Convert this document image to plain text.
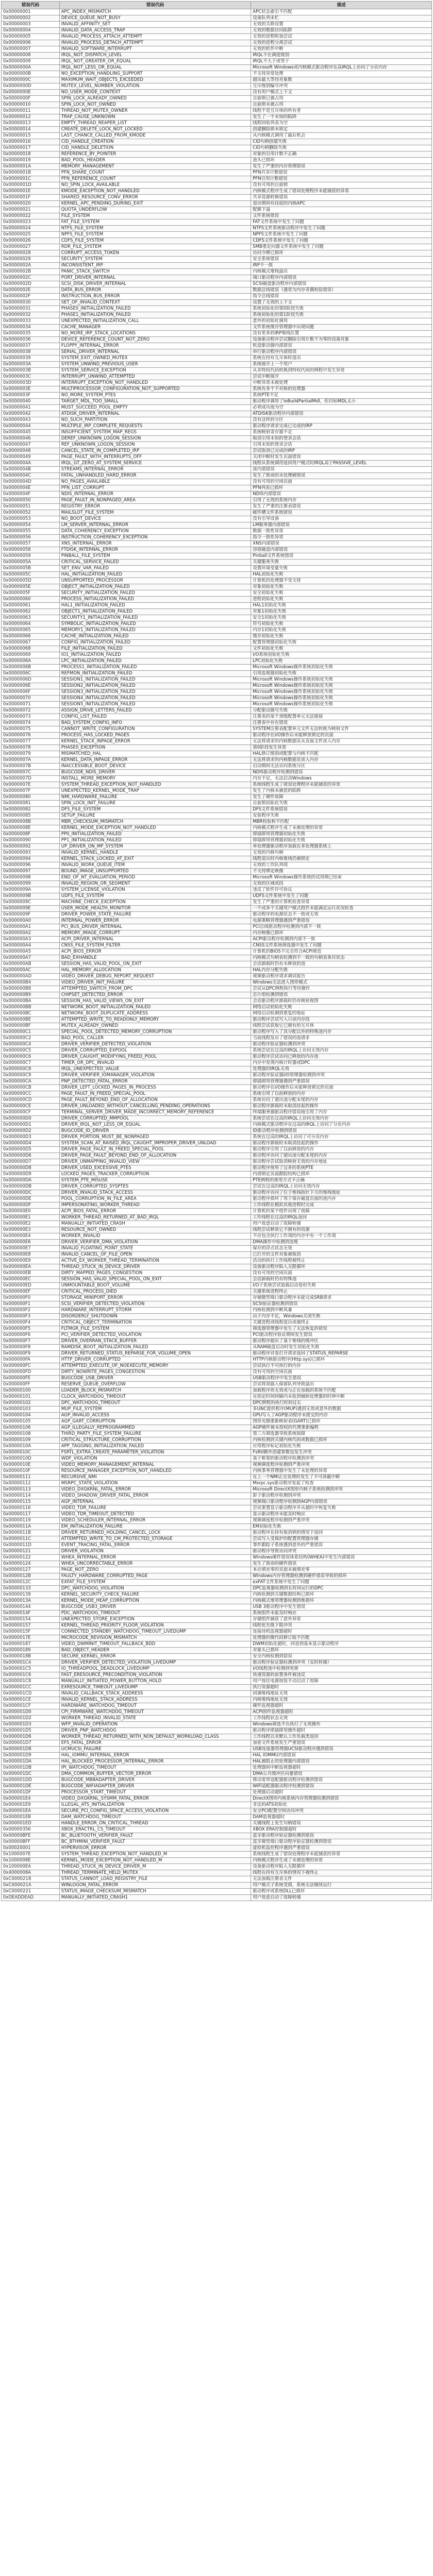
错误代码	错误代码	描述
0x00000001	APC_INDEX_MISMATCH	APC状态索引不匹配
0x00000002	DEVICE_QUEUE_NOT_BUSY	设备队列未忙
0x00000003	INVALID_AFFINITY_SET	无效的关联设置
0x00000004	INVALID_DATA_ACCESS_TRAP	无效的数据访问陷阱
0x00000005	INVALID_PROCESS_ATTACH_ATTEMPT	无效的进程附加尝试
0x00000006	INVALID_PROCESS_DETACH_ATTEMPT	无效的进程分离尝试
0x00000007	INVALID_SOFTWARE_INTERRUPT	无效的软件中断
0x00000008	IRQL_NOT_DISPATCH_LEVEL	IRQL不在调度级别
0x00000009	IRQL_NOT_GREATER_OR_EQUAL	IRQL不大于或等于
0x0000000A	IRQL_NOT_LESS_OR_EQUAL	Microsoft Windows或内核模式驱动程序在高IRQL上访问了分页内存
0x0000000B	NO_EXCEPTION_HANDLING_SUPPORT	不支持异常处理
0x0000000C	MAXIMUM_WAIT_OBJECTS_EXCEEDED	超出最大等待对象数
0x0000000D	MUTEX_LEVEL_NUMBER_VIOLATION	互斥级别编号冲突
0x0000000E	NO_USER_MODE_CONTEXT	没有用户模式上下文
0x0000000F	SPIN_LOCK_ALREADY_OWNED	自旋锁已被占用
0x00000010	SPIN_LOCK_NOT_OWNED	自旋锁未被占用
0x00000011	THREAD_NOT_MUTEX_OWNER	线程不是互斥体的所有者
0x00000012	TRAP_CAUSE_UNKNOWN	发生了一个未知的陷阱
0x00000013	EMPTY_THREAD_REAPER_LIST	线程回收列表为空
0x00000014	CREATE_DELETE_LOCK_NOT_LOCKED	创建删除锁未锁定
0x00000015	LAST_CHANCE_CALLED_FROM_KMODE	从内核模式调用了最后机会
0x00000016	CID_HANDLE_CREATION	CID句柄创建失败
0x00000017	CID_HANDLE_DELETION	CID句柄删除失败
0x00000018	REFERENCE_BY_POINTER	对象的引用计数不正确
0x00000019	BAD_POOL_HEADER	池头已损坏
0x0000001A	MEMORY_MANAGEMENT	发生了严重的内存管理错误
0x0000001B	PFN_SHARE_COUNT	PFN共享计数错误
0x0000001C	PFN_REFERENCE_COUNT	PFN引用计数错误
0x0000001D	NO_SPIN_LOCK_AVAILABLE	没有可用的自旋锁
0x0000001E	KMODE_EXCEPTION_NOT_HANDLED	内核模式程序生成了错误处理程序未能捕获的异常
0x0000001F	SHARED_RESOURCE_CONV_ERROR	共享资源转换错误
0x00000020	KERNEL_APC_PENDING_DURING_EXIT	退出期间有挂起的内核APC
0x00000021	QUOTA_UNDERFLOW	配额下溢
0x00000022	FILE_SYSTEM	文件系统错误
0x00000023	FAT_FILE_SYSTEM	FAT文件系统中发生了问题
0x00000024	NTFS_FILE_SYSTEM	NTFS文件系统驱动程序中发生了问题
0x00000025	NPFS_FILE_SYSTEM	NPFS文件系统中发生了问题
0x00000026	CDFS_FILE_SYSTEM	CDFS文件系统中发生了问题
0x00000027	RDR_FILE_SYSTEM	SMB重定向器文件系统中发生了问题
0x00000028	CORRUPT_ACCESS_TOKEN	访问令牌已损坏
0x00000029	SECURITY_SYSTEM	安全系统错误
0x0000002A	INCONSISTENT_IRP	IRP不一致
0x0000002B	PANIC_STACK_SWITCH	内核模式堆栈溢出
0x0000002C	PORT_DRIVER_INTERNAL	端口驱动程序内部错误
0x0000002D	SCSI_DISK_DRIVER_INTERNAL	SCSI磁盘驱动程序内部错误
0x0000002E	DATA_BUS_ERROR	数据总线错误（通常为内存奇偶校验错误）
0x0000002F	INSTRUCTION_BUS_ERROR	指令总线错误
0x00000030	SET_OF_INVALID_CONTEXT	设置了无效的上下文
0x00000031	PHASE0_INITIALIZATION_FAILED	系统初始化的第0阶段失败
0x00000032	PHASE1_INITIALIZATION_FAILED	系统初始化的第1阶段失败
0x00000033	UNEXPECTED_INITIALIZATION_CALL	意外的初始化调用
0x00000034	CACHE_MANAGER	文件系统缓存管理器中出现问题
0x00000035	NO_MORE_IRP_STACK_LOCATIONS	没有更多的IRP堆栈位置
0x00000036	DEVICE_REFERENCE_COUNT_NOT_ZERO	设备驱动程序尝试删除引用计数不为零的设备对象
0x00000037	FLOPPY_INTERNAL_ERROR	软盘驱动器内部错误
0x00000038	SERIAL_DRIVER_INTERNAL	串行驱动程序内部错误
0x00000039	SYSTEM_EXIT_OWNED_MUTEX	系统在持有互斥体时退出
0x0000003A	SYSTEM_UNWIND_PREVIOUS_USER	系统展开上一个用户
0x0000003B	SYSTEM_SERVICE_EXCEPTION	从非特权代码转换到特权代码的例程中发生异常
0x0000003C	INTERRUPT_UNWIND_ATTEMPTED	尝试中断展开
0x0000003D	INTERRUPT_EXCEPTION_NOT_HANDLED	中断异常未被处理
0x0000003E	MULTIPROCESSOR_CONFIGURATION_NOT_SUPPORTED	系统有多个不对称的处理器
0x0000003F	NO_MORE_SYSTEM_PTES	系统PTE不足
0x00000040	TARGET_MDL_TOO_SMALL	驱动程序调用了IoBuildPartialMdl，但目标MDL太小
0x00000041	MUST_SUCCEED_POOL_EMPTY	必须成功池为空
0x00000042	ATDISK_DRIVER_INTERNAL	ATDISK驱动程序内部错误
0x00000043	NO_SUCH_PARTITION	没有这样的分区
0x00000044	MULTIPLE_IRP_COMPLETE_REQUESTS	驱动程序请求完成已完成的IRP
0x00000045	INSUFFICIENT_SYSTEM_MAP_REGS	系统映射寄存器不足
0x00000046	DEREF_UNKNOWN_LOGON_SESSION	取消引用未知的登录会话
0x00000047	REF_UNKNOWN_LOGON_SESSION	引用未知的登录会话
0x00000048	CANCEL_STATE_IN_COMPLETED_IRP	尝试取消已完成的IRP
0x00000049	PAGE_FAULT_WITH_INTERRUPTS_OFF	关闭中断时发生页面错误
0x0000004A	IRQL_GT_ZERO_AT_SYSTEM_SERVICE	线程从系统调用返回用户模式时IRQL高于PASSIVE_LEVEL
0x0000004B	STREAMS_INTERNAL_ERROR	流内部错误
0x0000004C	FATAL_UNHANDLED_HARD_ERROR	发生了致命的未处理硬错误
0x0000004D	NO_PAGES_AVAILABLE	没有可用的空闲页面
0x0000004E	PFN_LIST_CORRUPT	PFN列表已损坏
0x0000004F	NDIS_INTERNAL_ERROR	NDIS内部错误
0x00000050	PAGE_FAULT_IN_NONPAGED_AREA	引用了无效的系统内存
0x00000051	REGISTRY_ERROR	发生了严重的注册表错误
0x00000052	MAILSLOT_FILE_SYSTEM	邮件槽文件系统错误
0x00000053	NO_BOOT_DEVICE	没有引导设备
0x00000054	LM_SERVER_INTERNAL_ERROR	LM服务器内部错误
0x00000055	DATA_COHERENCY_EXCEPTION	数据一致性异常
0x00000056	INSTRUCTION_COHERENCY_EXCEPTION	指令一致性异常
0x00000057	XNS_INTERNAL_ERROR	XNS内部错误
0x00000058	FTDISK_INTERNAL_ERROR	容错磁盘内部错误
0x00000059	PINBALL_FILE_SYSTEM	Pinball文件系统错误
0x0000005A	CRITICAL_SERVICE_FAILED	关键服务失败
0x0000005B	SET_ENV_VAR_FAILED	设置环境变量失败
0x0000005C	HAL_INITIALIZATION_FAILED	HAL初始化失败
0x0000005D	UNSUPPORTED_PROCESSOR	计算机的处理器不受支持
0x0000005E	OBJECT_INITIALIZATION_FAILED	对象初始化失败
0x0000005F	SECURITY_INITIALIZATION_FAILED	安全初始化失败
0x00000060	PROCESS_INITIALIZATION_FAILED	进程初始化失败
0x00000061	HAL1_INITIALIZATION_FAILED	HAL1初始化失败
0x00000062	OBJECT1_INITIALIZATION_FAILED	对象1初始化失败
0x00000063	SECURITY1_INITIALIZATION_FAILED	安全1初始化失败
0x00000064	SYMBOLIC_INITIALIZATION_FAILED	符号初始化失败
0x00000065	MEMORY1_INITIALIZATION_FAILED	内存1初始化失败
0x00000066	CACHE_INITIALIZATION_FAILED	缓存初始化失败
0x00000067	CONFIG_INITIALIZATION_FAILED	配置管理器初始化失败
0x00000068	FILE_INITIALIZATION_FAILED	文件初始化失败
0x00000069	IO1_INITIALIZATION_FAILED	I/O系统初始化失败
0x0000006A	LPC_INITIALIZATION_FAILED	LPC初始化失败
0x0000006B	PROCESS1_INITIALIZATION_FAILED	Microsoft Windows操作系统初始化失败
0x0000006C	REFMON_INITIALIZATION_FAILED	引用监视器初始化失败
0x0000006D	SESSION1_INITIALIZATION_FAILED	Microsoft Windows操作系统初始化失败
0x0000006E	SESSION2_INITIALIZATION_FAILED	Microsoft Windows操作系统初始化失败
0x0000006F	SESSION3_INITIALIZATION_FAILED	Microsoft Windows操作系统初始化失败
0x00000070	SESSION4_INITIALIZATION_FAILED	Microsoft Windows操作系统初始化失败
0x00000071	SESSION5_INITIALIZATION_FAILED	Microsoft Windows操作系统初始化失败
0x00000072	ASSIGN_DRIVE_LETTERS_FAILED	分配驱动器号失败
0x00000073	CONFIG_LIST_FAILED	注册表的某个顶级配置单元无法链接
0x00000074	BAD_SYSTEM_CONFIG_INFO	注册表中存在错误
0x00000075	CANNOT_WRITE_CONFIGURATION	SYSTEM注册表配置单元文件无法转换为映射文件
0x00000076	PROCESS_HAS_LOCKED_PAGES	驱动程序在I/O操作后未能释放锁定的页面
0x00000077	KERNEL_STACK_INPAGE_ERROR	无法将请求的内核数据页从页面文件读入内存
0x00000078	PHASE0_EXCEPTION	第0阶段发生异常
0x00000079	MISMATCHED_HAL	HAL修订级别或配置与内核不匹配
0x0000007A	KERNEL_DATA_INPAGE_ERROR	无法将请求的内核数据页读入内存
0x0000007B	INACCESSIBLE_BOOT_DEVICE	启动期间无法访问系统分区
0x0000007C	BUGCODE_NDIS_DRIVER	NDIS驱动程序检测到错误
0x0000007D	INSTALL_MORE_MEMORY	内存不足，无法启动Windows
0x0000007E	SYSTEM_THREAD_EXCEPTION_NOT_HANDLED	系统线程生成了错误处理程序未能捕获的异常
0x0000007F	UNEXPECTED_KERNEL_MODE_TRAP	发生了内核未捕获的陷阱
0x00000080	NMI_HARDWARE_FAILURE	发生了硬件故障
0x00000081	SPIN_LOCK_INIT_FAILURE	自旋锁初始化失败
0x00000082	DFS_FILE_SYSTEM	DFS文件系统错误
0x00000085	SETUP_FAILURE	安装程序失败
0x0000008B	MBR_CHECKSUM_MISMATCH	MBR校验和不匹配
0x0000008E	KERNEL_MODE_EXCEPTION_NOT_HANDLED	内核模式程序生成了未被处理的异常
0x0000008F	PP0_INITIALIZATION_FAILED	即插即用管理器初始化失败
0x00000090	PP1_INITIALIZATION_FAILED	即插即用管理器初始化失败
0x00000092	UP_DRIVER_ON_MP_SYSTEM	单处理器驱动程序加载在多处理器系统上
0x00000093	INVALID_KERNEL_HANDLE	无效的内核句柄
0x00000094	KERNEL_STACK_LOCKED_AT_EXIT	线程退出时内核堆栈仍被锁定
0x00000096	INVALID_WORK_QUEUE_ITEM	无效的工作队列项
0x00000097	BOUND_IMAGE_UNSUPPORTED	不支持绑定映像
0x00000098	END_OF_NT_EVALUATION_PERIOD	Microsoft Windows操作系统的试用期已结束
0x00000099	INVALID_REGION_OR_SEGMENT	无效的区域或段
0x0000009A	SYSTEM_LICENSE_VIOLATION	违反了软件许可协议
0x0000009B	UDFS_FILE_SYSTEM	UDFS文件系统中发生了问题
0x0000009C	MACHINE_CHECK_EXCEPTION	发生了严重的计算机检查异常
0x0000009E	USER_MODE_HEALTH_MONITOR	一个或多个关键用户模式组件未能满足运行状况检查
0x0000009F	DRIVER_POWER_STATE_FAILURE	驱动程序的电源状态不一致或无效
0x000000A0	INTERNAL_POWER_ERROR	电源策略管理器遇到严重错误
0x000000A1	PCI_BUS_DRIVER_INTERNAL	PCI总线驱动程序检测到内部不一致
0x000000A2	MEMORY_IMAGE_CORRUPT	内存映像已损坏
0x000000A3	ACPI_DRIVER_INTERNAL	ACPI驱动程序检测到内部不一致
0x000000A4	CNSS_FILE_SYSTEM_FILTER	CNSS文件系统筛选器中发生了问题
0x000000A5	ACPI_BIOS_ERROR	计算机的BIOS不完全符合ACPI规范
0x000000A7	BAD_EXHANDLE	内核模式句柄表检测到不一致的句柄表条目状态
0x000000AB	SESSION_HAS_VALID_POOL_ON_EXIT	会话卸载时仍有未释放的池
0x000000AC	HAL_MEMORY_ALLOCATION	HAL内存分配失败
0x000000AD	VIDEO_DRIVER_DEBUG_REPORT_REQUEST	视频驱动程序请求调试报告
0x000000B4	VIDEO_DRIVER_INIT_FAILURE	Windows无法进入图形模式
0x000000B8	ATTEMPTED_SWITCH_FROM_DPC	尝试从DPC例程执行等待操作
0x000000B9	CHIPSET_DETECTED_ERROR	芯片组检测到错误
0x000000BA	SESSION_HAS_VALID_VIEWS_ON_EXIT	会话驱动程序卸载时仍有映射视图
0x000000BB	NETWORK_BOOT_INITIALIZATION_FAILED	网络启动初始化失败
0x000000BC	NETWORK_BOOT_DUPLICATE_ADDRESS	网络启动检测到重复的地址
0x000000BE	ATTEMPTED_WRITE_TO_READONLY_MEMORY	驱动程序尝试写入只读内存段
0x000000BF	MUTEX_ALREADY_OWNED	线程尝试获取它已拥有的互斥体
0x000000C1	SPECIAL_POOL_DETECTED_MEMORY_CORRUPTION	驱动程序写入了其分配以外的特殊池内存
0x000000C2	BAD_POOL_CALLER	当前线程发出了错误的池请求
0x000000C4	DRIVER_VERIFIER_DETECTED_VIOLATION	驱动程序验证器检测到冲突
0x000000C5	DRIVER_CORRUPTED_EXPOOL	系统尝试在过高的IRQL上访问无效内存
0x000000C6	DRIVER_CAUGHT_MODIFYING_FREED_POOL	驱动程序尝试访问已释放的内存池
0x000000C7	TIMER_OR_DPC_INVALID	内存中发现内核计时器或DPC
0x000000C8	IRQL_UNEXPECTED_VALUE	处理器的IRQL无效
0x000000C9	DRIVER_VERIFIER_IOMANAGER_VIOLATION	驱动程序验证器I/O管理器检测到冲突
0x000000CA	PNP_DETECTED_FATAL_ERROR	即插即用管理器遇到严重错误
0x000000CB	DRIVER_LEFT_LOCKED_PAGES_IN_PROCESS	驱动程序在I/O操作后未能释放锁定的页面
0x000000CC	PAGE_FAULT_IN_FREED_SPECIAL_POOL	系统引用了以前释放的内存
0x000000CD	PAGE_FAULT_BEYOND_END_OF_ALLOCATION	系统访问了超出池分配末尾的内存
0x000000CE	DRIVER_UNLOADED_WITHOUT_CANCELLING_PENDING_OPERATIONS	驱动程序卸载时未取消挂起的操作
0x000000CF	TERMINAL_SERVER_DRIVER_MADE_INCORRECT_MEMORY_REFERENCE	终端服务器驱动程序错误地引用了内存
0x000000D0	DRIVER_CORRUPTED_MMPOOL	系统尝试在过高的IRQL上访问无效内存
0x000000D1	DRIVER_IRQL_NOT_LESS_OR_EQUAL	内核模式驱动程序在过高的IRQL上访问了分页内存
0x000000D2	BUGCODE_ID_DRIVER	ID驱动程序检测到错误
0x000000D3	DRIVER_PORTION_MUST_BE_NONPAGED	系统在过高的IRQL上访问了可分页内存
0x000000D4	SYSTEM_SCAN_AT_RAISED_IRQL_CAUGHT_IMPROPER_DRIVER_UNLOAD	驱动程序卸载时未取消挂起的操作
0x000000D5	DRIVER_PAGE_FAULT_IN_FREED_SPECIAL_POOL	驱动程序引用了以前释放的内存
0x000000D6	DRIVER_PAGE_FAULT_BEYOND_END_OF_ALLOCATION	驱动程序访问了超出池分配末尾的内存
0x000000D7	DRIVER_UNMAPPING_INVALID_VIEW	驱动程序尝试取消映射无效的内存地址
0x000000D8	DRIVER_USED_EXCESSIVE_PTES	驱动程序使用了过多的系统PTE
0x000000D9	LOCKED_PAGES_TRACKER_CORRUPTION	内部锁定页面跟踪结构已损坏
0x000000DA	SYSTEM_PTE_MISUSE	PTE例程的使用方式不正确
0x000000DB	DRIVER_CORRUPTED_SYSPTES	尝试在过高的IRQL上访问无效内存
0x000000DC	DRIVER_INVALID_STACK_ACCESS	驱动程序访问了位于堆栈指针下方的堆栈地址
0x000000DE	POOL_CORRUPTION_IN_FILE_AREA	驱动程序损坏了用于保存磁盘页面的池内存
0x000000DF	IMPERSONATING_WORKER_THREAD	工作线程在模拟其他进程时完成
0x000000E0	ACPI_BIOS_FATAL_ERROR	计算机的某个组件出现了故障
0x000000E1	WORKER_THREAD_RETURNED_AT_BAD_IRQL	工作线程在过高的IRQL返回
0x000000E2	MANUALLY_INITIATED_CRASH	用户故意启动了故障转储
0x000000E3	RESOURCE_NOT_OWNED	线程尝试释放它不拥有的资源
0x000000E4	WORKER_INVALID	不应包含执行工作项的内存中有一个工作项
0x000000E6	DRIVER_VERIFIER_DMA_VIOLATION	DMA操作中检测到违规
0x000000E7	INVALID_FLOATING_POINT_STATE	保存的浮点状态无效
0x000000E8	INVALID_CANCEL_OF_FILE_OPEN	已打开的文件对象被取消
0x000000E9	ACTIVE_EX_WORKER_THREAD_TERMINATION	活动的执行工作线程被终止
0x000000EA	THREAD_STUCK_IN_DEVICE_DRIVER	设备驱动程序陷入无限循环
0x000000EB	DIRTY_MAPPED_PAGES_CONGESTION	没有可用的空闲页面
0x000000EC	SESSION_HAS_VALID_SPECIAL_POOL_ON_EXIT	会话卸载时仍有特殊池
0x000000ED	UNMOUNTABLE_BOOT_VOLUME	I/O子系统尝试装载启动卷但失败
0x000000EF	CRITICAL_PROCESS_DIED	关键系统进程终止
0x000000F0	STORAGE_MINIPORT_ERROR	存储微型端口驱动程序未能完成SRB请求
0x000000F1	SCSI_VERIFIER_DETECTED_VIOLATION	SCSI验证器检测到错误
0x000000F2	HARDWARE_INTERRUPT_STORM	内核检测到中断风暴
0x000000F3	DISORDERLY_SHUTDOWN	由于内存不足，Windows关闭失败
0x000000F4	CRITICAL_OBJECT_TERMINATION	关键进程或线程退出或被终止
0x000000F5	FLTMGR_FILE_SYSTEM	筛选器管理器中发生了无法恢复的错误
0x000000F6	PCI_VERIFIER_DETECTED_VIOLATION	PCI驱动程序验证期间发生错误
0x000000F7	DRIVER_OVERRAN_STACK_BUFFER	驱动程序超出了基于堆栈的缓冲区
0x000000F8	RAMDISK_BOOT_INITIALIZATION_FAILED	从RAM磁盘启动时发生初始化失败
0x000000F9	DRIVER_RETURNED_STATUS_REPARSE_FOR_VOLUME_OPEN	驱动程序对卷打开请求返回了STATUS_REPARSE
0x000000FA	HTTP_DRIVER_CORRUPTED	HTTP内核驱动程序(Http.sys)已损坏
0x000000FC	ATTEMPTED_EXECUTE_OF_NOEXECUTE_MEMORY	尝试执行不可执行的内存
0x000000FD	DIRTY_NOWRITE_PAGES_CONGESTION	没有可用的空闲页面
0x000000FE	BUGCODE_USB_DRIVER	USB驱动程序中发生错误
0x000000FF	RESERVE_QUEUE_OVERFLOW	尝试将项插入保留队列导致溢出
0x00000100	LOADER_BLOCK_MISMATCH	加载程序块无效或与正在加载的系统不匹配
0x00000101	CLOCK_WATCHDOG_TIMEOUT	在指定时间间隔内未收到辅助处理器的时钟中断
0x00000102	DPC_WATCHDOG_TIMEOUT	DPC例程的执行时间过长
0x00000103	MUP_FILE_SYSTEM	多UNC提供程序(MUP)遇到无效或意外的数据
0x00000104	AGP_INVALID_ACCESS	GPU写入了AGP驱动程序未提交的内存
0x00000105	AGP_GART_CORRUPTION	图形光圈重新映射表(GART)已损坏
0x00000106	AGP_ILLEGALLY_REPROGRAMMED	AGP硬件被未授权的代理重新编程
0x00000108	THIRD_PARTY_FILE_SYSTEM_FAILURE	第三方筛选器导致系统故障
0x00000109	CRITICAL_STRUCTURE_CORRUPTION	内核检测到关键内核代码或数据已损坏
0x0000010A	APP_TAGGING_INITIALIZATION_FAILED	应用程序标记初始化失败
0x0000010C	FSRTL_EXTRA_CREATE_PARAMETER_VIOLATION	FsRtl额外创建参数包发生冲突
0x0000010D	WDF_VIOLATION	基于框架的驱动程序检测到冲突
0x0000010E	VIDEO_MEMORY_MANAGEMENT_INTERNAL	视频调度程序检测到严重冲突
0x0000010F	RESOURCE_MANAGER_EXCEPTION_NOT_HANDLED	内核事务管理器中发生了未处理的异常
0x00000111	RECURSIVE_NMI	在上一个NMI正在处理时发生了不可屏蔽中断
0x00000112	MSRPC_STATE_VIOLATION	Msrpc.sys驱动程序发起了检查
0x00000113	VIDEO_DXGKRNL_FATAL_ERROR	Microsoft DirectX图形内核子系统检测到冲突
0x00000114	VIDEO_SHADOW_DRIVER_FATAL_ERROR	影子驱动程序检测到冲突
0x00000115	AGP_INTERNAL	视频端口驱动程序检测到AGP内部错误
0x00000116	VIDEO_TDR_FAILURE	尝试重置显示驱动程序并从超时中恢复失败
0x00000117	VIDEO_TDR_TIMEOUT_DETECTED	显示驱动程序未能及时响应
0x00000119	VIDEO_SCHEDULER_INTERNAL_ERROR	视频调度程序检测到严重冲突
0x0000011A	EM_INITIALIZATION_FAILURE	EM初始化失败
0x0000011B	DRIVER_RETURNED_HOLDING_CANCEL_LOCK	驱动程序在持有取消锁的情况下返回
0x0000011C	ATTEMPTED_WRITE_TO_CM_PROTECTED_STORAGE	尝试写入受保护的配置管理器存储
0x0000011D	EVENT_TRACING_FATAL_ERROR	事件跟踪子系统遇到意外的严重错误
0x00000121	DRIVER_VIOLATION	驱动程序导致访问冲突
0x00000122	WHEA_INTERNAL_ERROR	Windows硬件错误体系结构(WHEA)中发生内部错误
0x00000124	WHEA_UNCORRECTABLE_ERROR	发生了致命的硬件错误
0x00000127	PAGE_NOT_ZERO	本应填充零的页面未被填充零
0x0000012B	FAULTY_HARDWARE_CORRUPTED_PAGE	Windows内存管理器检测到硬件错误导致的损坏
0x0000012C	EXFAT_FILE_SYSTEM	exFAT文件系统中发生了问题
0x00000133	DPC_WATCHDOG_VIOLATION	DPC监视器检测到长时间运行的DPC
0x00000139	KERNEL_SECURITY_CHECK_FAILURE	内核检测到关键数据结构已损坏
0x0000013A	KERNEL_MODE_HEAP_CORRUPTION	内核模式堆管理器检测到堆损坏
0x00000144	BUGCODE_USB3_DRIVER	USB 3驱动程序中发生错误
0x0000014F	PDC_WATCHDOG_TIMEOUT	系统组件未能及时响应
0x00000154	UNEXPECTED_STORE_EXCEPTION	存储组件捕获了意外异常
0x00000157	KERNEL_THREAD_PRIORITY_FLOOR_VIOLATION	线程优先级下限冲突
0x0000015F	CONNECTED_STANDBY_WATCHDOG_TIMEOUT_LIVEDUMP	连接待机监视器超时
0x0000017E	MICROCODE_REVISION_MISMATCH	处理器的微代码修订版不匹配
0x00000187	VIDEO_DWMINIT_TIMEOUT_FALLBACK_BDD	DWM初始化超时，回退到基本显示驱动程序
0x00000189	BAD_OBJECT_HEADER	对象头已损坏
0x0000018B	SECURE_KERNEL_ERROR	安全内核检测到错误
0x000001C4	DRIVER_VERIFIER_DETECTED_VIOLATION_LIVEDUMP	驱动程序验证器检测到冲突（实时转储）
0x000001C5	IO_THREADPOOL_DEADLOCK_LIVEDUMP	I/O线程池中检测到死锁
0x000001C6	FAST_ERESOURCE_PRECONDITION_VIOLATION	快速资源的前置条件被违反
0x000001C8	MANUALLY_INITIATED_POWER_BUTTON_HOLD	用户按住电源按钮手动启动了故障
0x000001CC	EXRESOURCE_TIMEOUT_LIVEDUMP	执行资源超时
0x000001CD	INVALID_CALLBACK_STACK_ADDRESS	回调堆栈地址无效
0x000001CE	INVALID_KERNEL_STACK_ADDRESS	内核堆栈地址无效
0x000001CF	HARDWARE_WATCHDOG_TIMEOUT	硬件监视器超时
0x000001D0	CPI_FIRMWARE_WATCHDOG_TIMEOUT	ACPI固件监视器超时
0x000001D2	WORKER_THREAD_INVALID_STATE	工作线程状态无效
0x000001D3	WFP_INVALID_OPERATION	Windows筛选平台执行了无效操作
0x000001D5	DRIVER_PNP_WATCHDOG	驱动程序即插即用操作超时
0x000001D6	WORKER_THREAD_RETURNED_WITH_NON_DEFAULT_WORKLOAD_CLASS	工作线程以非默认工作负载类返回
0x000001D7	EFS_FATAL_ERROR	加密文件系统发生严重错误
0x000001D8	UCMUCSI_FAILURE	USB连接器管理器UCSI驱动程序遇到错误
0x000001D9	HAL_IOMMU_INTERNAL_ERROR	HAL IOMMU内部错误
0x000001DA	HAL_BLOCKED_PROCESSOR_INTERNAL_ERROR	HAL被阻止的处理器内部错误
0x000001DB	IPI_WATCHDOG_TIMEOUT	处理器间中断监视器超时
0x000001DC	DMA_COMMON_BUFFER_VECTOR_ERROR	DMA公共缓冲区向量错误
0x000001DD	BUGCODE_MBBADAPTER_DRIVER	移动宽带适配器驱动程序检测到错误
0x000001DE	BUGCODE_WIFIADAPTER_DRIVER	WiFi适配器驱动程序检测到错误
0x000001DF	PROCESSOR_START_TIMEOUT	处理器启动超时
0x000001E4	VIDEO_DXGKRNL_SYSMM_FATAL_ERROR	DirectX图形内核系统内存管理器检测到错误
0x000001E9	ILLEGAL_ATS_INITIALIZATION	非法的ATS初始化
0x000001EA	SECURE_PCI_CONFIG_SPACE_ACCESS_VIOLATION	安全PCI配置空间访问冲突
0x000001EB	DAM_WATCHDOG_TIMEOUT	DAM监视器超时
0x000001ED	HANDLE_ERROR_ON_CRITICAL_THREAD	关键线程上发生句柄错误
0x00000356	XBOX_ERACTRL_CS_TIMEOUT	XBOX ERA控制器超时
0x00000BFE	BC_BLUETOOTH_VERIFIER_FAULT	蓝牙驱动程序验证器检测到错误
0x00000BFF	BC_BTHMINI_VERIFIER_FAULT	蓝牙微型端口驱动程序验证器检测到错误
0x00020001	HYPERVISOR_ERROR	虚拟机监控程序遇到严重错误
0x1000007E	SYSTEM_THREAD_EXCEPTION_NOT_HANDLED_M	系统线程生成了错误处理程序未能捕获的异常
0x1000008E	KERNEL_MODE_EXCEPTION_NOT_HANDLED_M	内核模式程序生成了未被处理的异常
0x100000EA	THREAD_STUCK_IN_DEVICE_DRIVER_M	设备驱动程序陷入无限循环
0x4000008A	THREAD_TERMINATE_HELD_MUTEX	线程在持有互斥体的情况下被终止
0xC0000218	STATUS_CANNOT_LOAD_REGISTRY_FILE	无法加载注册表文件
0xC000021A	WINLOGON_FATAL_ERROR	用户模式子系统受损，系统无法继续运行
0xC0000221	STATUS_IMAGE_CHECKSUM_MISMATCH	驱动程序或系统DLL已损坏
0xDEADDEAD	MANUALLY_INITIATED_CRASH1	用户故意启动了故障转储
